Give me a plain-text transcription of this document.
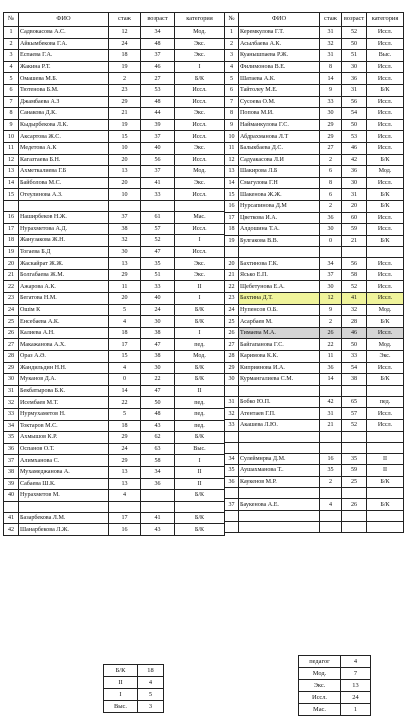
№	ФИО	стаж	возраст	категория
1	Садвокасова А.С.	12	34	Мод.
2	Айкымбекова Г.А.	24	48	Экс.
3	Еспаева Г.А.	18	37	Экс.
4	Жакина Р.Т.	19	46	I
5	Омашева М.Б.	2	27	Б/К
6	Тютенова Б.М.	23	53	Иссл.
7	Джамбаева А.З	29	48	Иссл.
8	Санакова Д.К.	21	44	Экс.
9	Кыдырбекова Л.К.	19	39	Иссл.
10	Аксартова Ж.С.	15	37	Иссл.
11	Медетова А.К	10	40	Экс.
12	Кагазтаева Б.Н.	20	56	Иссл.
13	Ахметкалиева Г.Б	13	37	Мод.
14	Байболова М.С.	20	41	Экс.
15	Отеулинова А.З.	10	33	Иссл.

16	Наширбеков Н.Ж.	37	61	Мас.
17	Нурахметова А.Д.	38	57	Иссл.
18	Жанузакова Ж.Н.	32	52	I
19	Тогаева Б.Д	30	47	Иссл.
20	Жаскайрат Ж.Ж.	13	35	Экс.
21	Болгабаева Ж.М.	29	51	Экс.
22	Ажарова А.К.	11	33	II
23	Бегатова Н.М.	20	40	I
24	Ошім К	5	24	Б/К
25	Енсебаева А.К.	4	30	Б/К
26	Калиева А.Н.	18	38	I
27	Макажанова А.Х.	17	47	пед.
28	Ораз А.Ә.	15	38	Мод.
29	Жандильдин Н.Н.	4	30	Б/К
30	Муканов Д.А.	0	22	Б/К
31	Бекбатырова Б.К.	14	47	II
32	Исембаев М.Т.	22	50	пед.
33	Нурмухаметов Н.	5	48	пед.
34	Токтаров М.С.	18	43	пед.
35	Ахмышов К.Р.	29	62	Б/К
36	Оспанов О.Т.	24	63	Выс.
37	Алимханова С.	29	58	I
38	Мухамеджанова А.	13	34	II
39	Сабаева Ш.К.	13	36	II
40	Нурахметов М.	4		Б/К

41	Базарбекова Л.М.	17	41	Б/К
42	Шанарбекова Л.Ж.	16	43	Б/К
№	ФИО	стаж	возраст	категория
1	Керемкулова Г.Т.	31	52	Иссл.
2	Асылбаева А.К.	32	50	Иссл.
3	Куанышпаева Р.Ж.	31	51	Выс.
4	Филимонова В.Е.	8	30	Иссл.
5	Шатаева А.К.	14	36	Иссл.
6	Тайтолеу М.Е.	9	31	Б/К
7	Сусоева О.М.	33	56	Иссл.
8	Попова М.И.	30	54	Иссл.
9	Найманкулова Г.С.	29	50	Иссл.
10	Абдрахманова Л.Т	29	53	Иссл.
11	Балыкбаева Д.С.	27	46	Иссл.
12	Садуакасова Л.И	2	42	Б/К
13	Шакирова Л.Б	6	36	Мод.
14	Смагулова Г.Н	8	30	Иссл.
15	Шакенова Ж.Ж.	6	31	Б/К
16	Нурсапинова Д.М	2	20	Б/К
17	Цветкова И.А.	36	60	Иссл.
18	Алдошина Т.А.	30	59	Иссл.
19	Булгакова В.В.	0	21	Б/К

20	Бахтинова Г.К.	34	56	Иссл.
21	Ясько Е.П.	37	58	Иссл.
22	Щебетунова Е.А.	30	52	Иссл.
23	Бахтина Д.Т.	12	41	Иссл.
24	Нупенсов О.Б.	9	32	Мод.
25	Асарбаев М.	2	28	Б/К
26	Тимаева М.А.	26	46	Иссл.
27	Байгапанова Г.С.	22	50	Мод.
28	Каримова К.К.	11	33	Экс.
29	Киприянова И.А.	36	54	Иссл.
30	Курмангалиева С.М.	14	38	Б/К

31	Бобко Ю.П.	42	65	пед.
32	Атентаев Г.П.	31	57	Иссл.
33	Акашева Л.Ю.	21	52	Иссл.

34	Сулеймнрва Д.М.	16	35	II
35	Аушахманова Т..	35	59	II
36	Каукенов М.Р.	2	25	Б/К

37	Баукенова А.Е.	4	26	Б/К

Б/К	18
II	4
I	5
Выс.	3
педагог	4
Мод.	7
Экс.	13
Иссл.	24
Мас.	1
